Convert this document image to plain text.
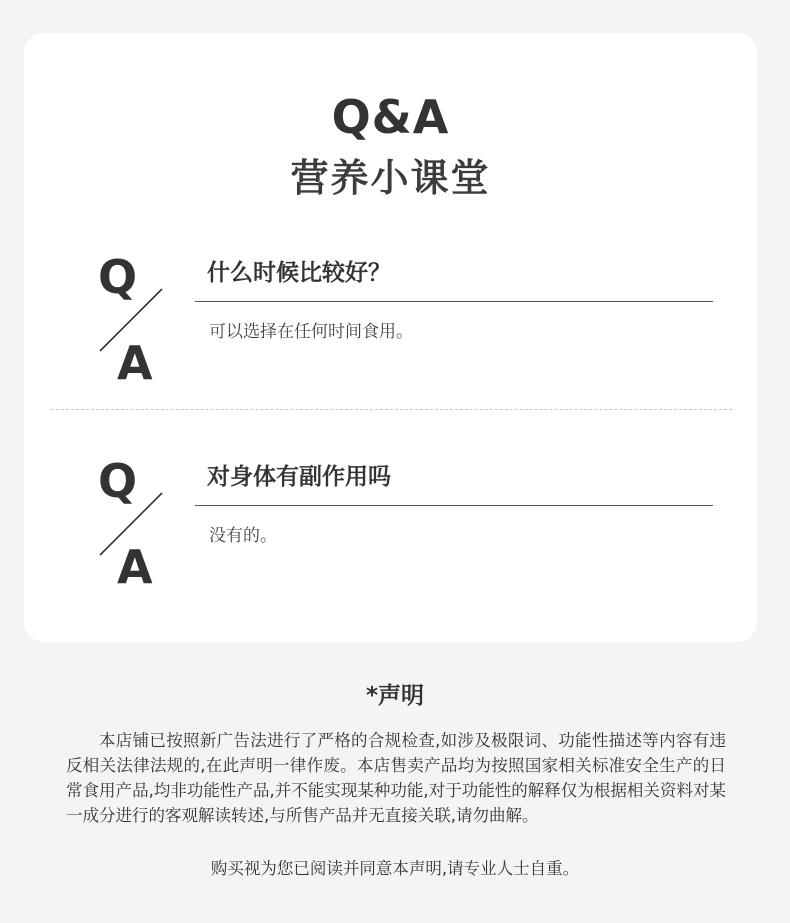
Q&A
营养小课堂
Q
A
什么时候比较好？
可以选择在任何时间食用。
Q
A
对身体有副作用吗
没有的。
*声明

本店铺已按照新广告法进行了严格的合规检查,如涉及极限词、功能性描述等内容有违反相关法律法规的,在此声明一律作废。本店售卖产品均为按照国家相关标准安全生产的日常食用产品,均非功能性产品,并不能实现某种功能,对于功能性的解释仅为根据相关资料对某一成分进行的客观解读转述,与所售产品并无直接关联,请勿曲解。

购买视为您已阅读并同意本声明,请专业人士自重。
